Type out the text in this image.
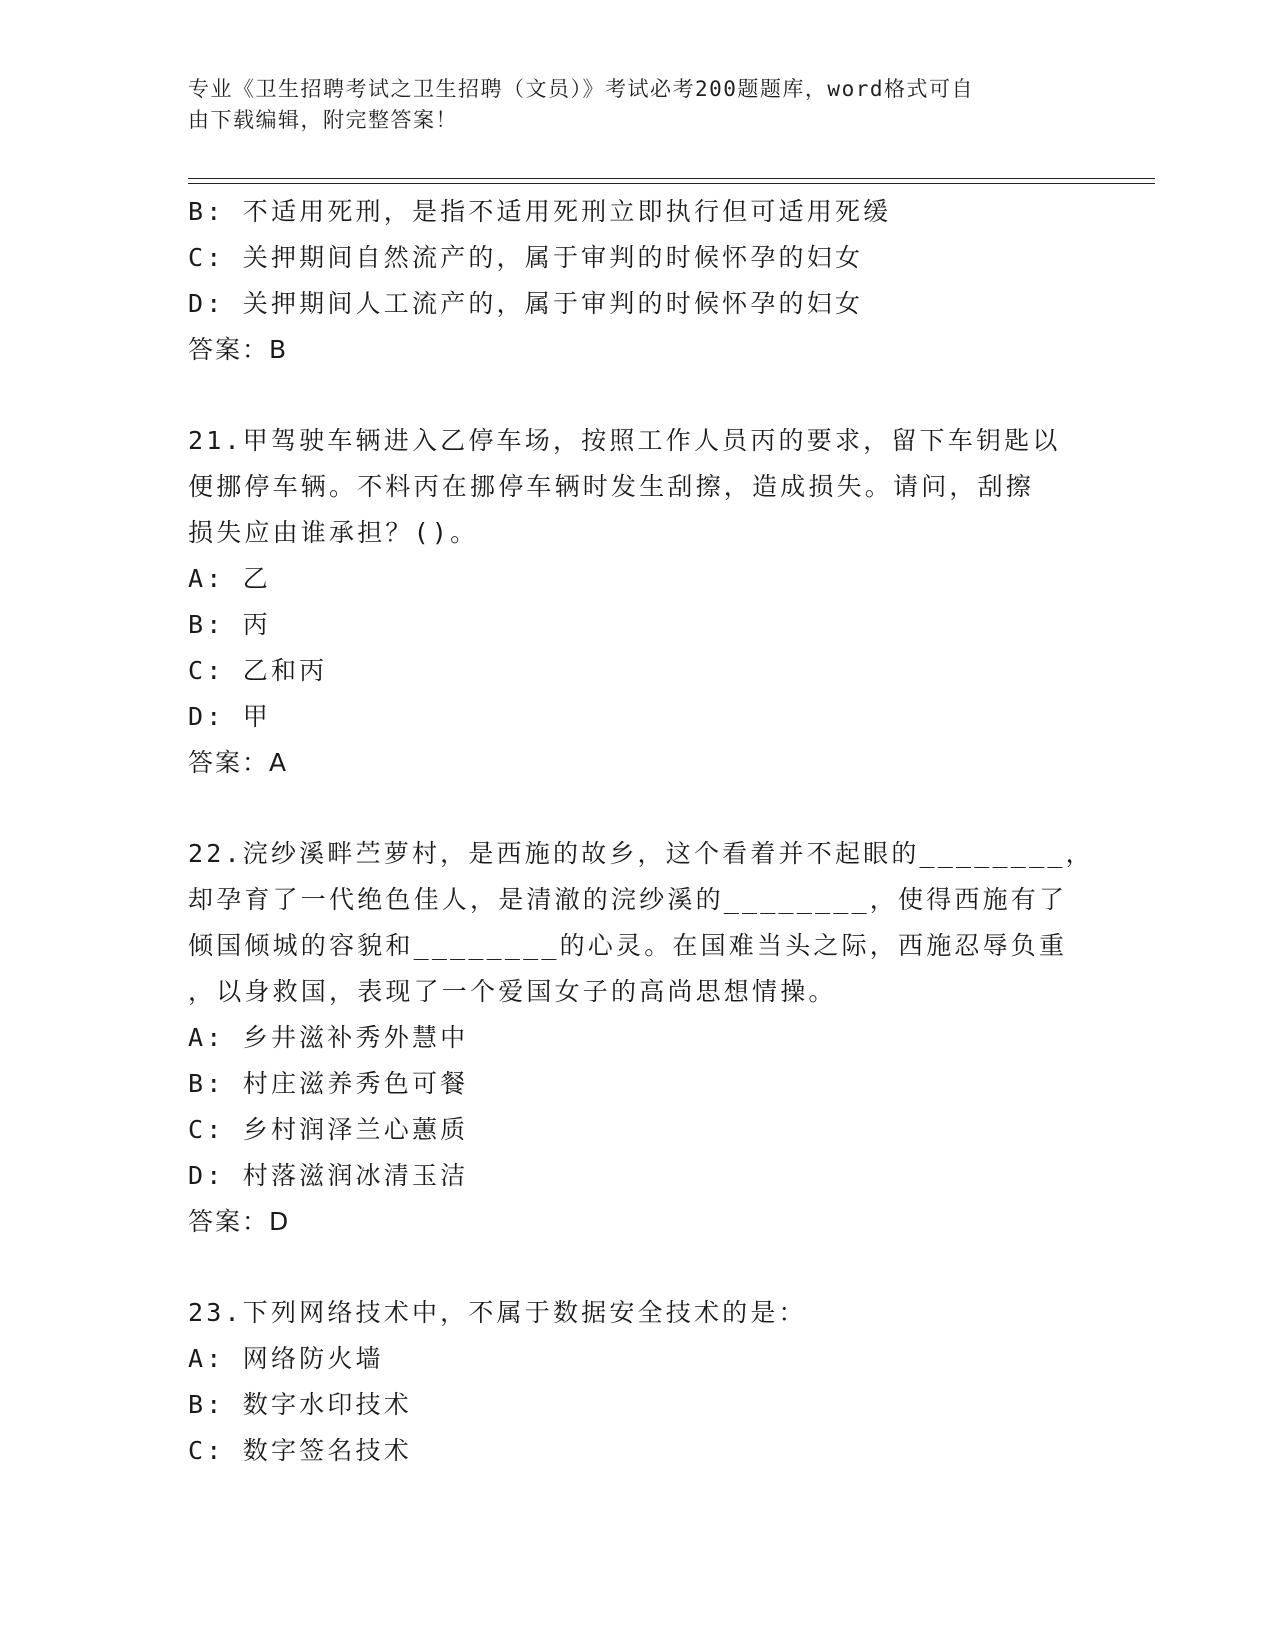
专业《卫生招聘考试之卫生招聘（文员）》考试必考200题题库，word格式可自
由下载编辑，附完整答案！
B: 不适用死刑，是指不适用死刑立即执行但可适用死缓
C: 关押期间自然流产的，属于审判的时候怀孕的妇女
D: 关押期间人工流产的，属于审判的时候怀孕的妇女
答案：B
21.甲驾驶车辆进入乙停车场，按照工作人员丙的要求，留下车钥匙以
便挪停车辆。不料丙在挪停车辆时发生刮擦，造成损失。请问，刮擦
损失应由谁承担？()。
A: 乙
B: 丙
C: 乙和丙
D: 甲
答案：A
22.浣纱溪畔苎萝村，是西施的故乡，这个看着并不起眼的________，
却孕育了一代绝色佳人，是清澈的浣纱溪的________，使得西施有了
倾国倾城的容貌和________的心灵。在国难当头之际，西施忍辱负重
，以身救国，表现了一个爱国女子的高尚思想情操。
A: 乡井滋补秀外慧中
B: 村庄滋养秀色可餐
C: 乡村润泽兰心蕙质
D: 村落滋润冰清玉洁
答案：D
23.下列网络技术中，不属于数据安全技术的是：
A: 网络防火墙
B: 数字水印技术
C: 数字签名技术
